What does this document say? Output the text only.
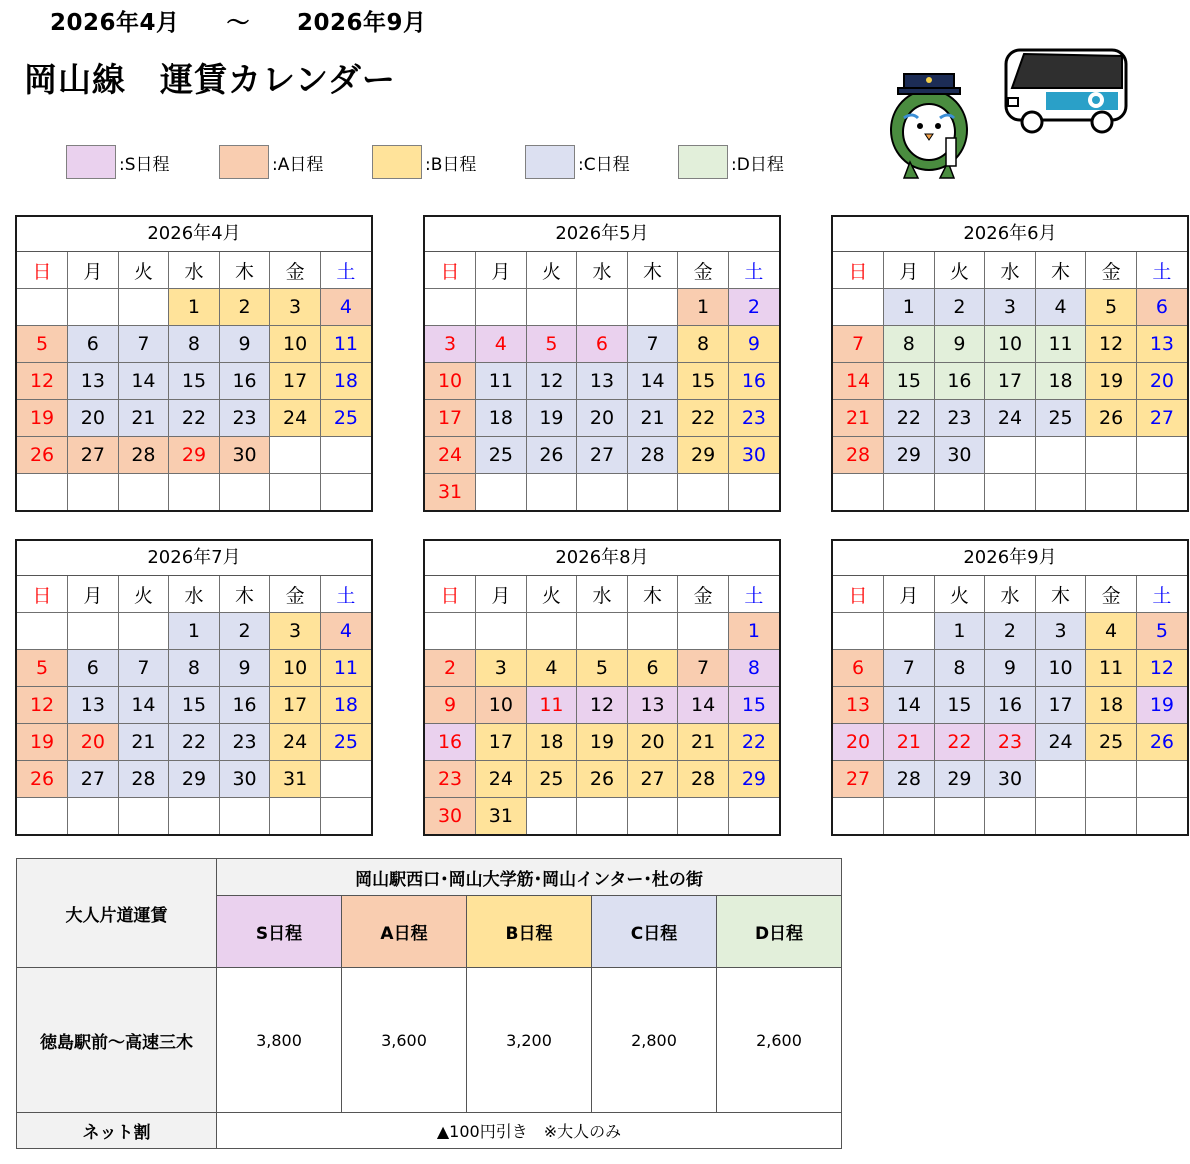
2026年4月　　～　　2026年9月
岡山線　運賃カレンダー
:S日程	:A日程	:B日程	:C日程	:D日程
2026年4月
日	月	火	水	木	金	土
			1	2	3	4
5	6	7	8	9	10	11
12	13	14	15	16	17	18
19	20	21	22	23	24	25
26	27	28	29	30		

2026年5月
日	月	火	水	木	金	土
					1	2
3	4	5	6	7	8	9
10	11	12	13	14	15	16
17	18	19	20	21	22	23
24	25	26	27	28	29	30
31						
2026年6月
日	月	火	水	木	金	土
	1	2	3	4	5	6
7	8	9	10	11	12	13
14	15	16	17	18	19	20
21	22	23	24	25	26	27
28	29	30				

2026年7月
日	月	火	水	木	金	土
			1	2	3	4
5	6	7	8	9	10	11
12	13	14	15	16	17	18
19	20	21	22	23	24	25
26	27	28	29	30	31	

2026年8月
日	月	火	水	木	金	土
						1
2	3	4	5	6	7	8
9	10	11	12	13	14	15
16	17	18	19	20	21	22
23	24	25	26	27	28	29
30	31					
2026年9月
日	月	火	水	木	金	土
		1	2	3	4	5
6	7	8	9	10	11	12
13	14	15	16	17	18	19
20	21	22	23	24	25	26
27	28	29	30			

大人片道運賃	岡山駅西口･岡山大学筋･岡山インター･杜の街				
	S日程	A日程	B日程	C日程	D日程
徳島駅前～高速三木	3,800	3,600	3,200	2,800	2,600
ネット割	▲100円引き　※大人のみ				
